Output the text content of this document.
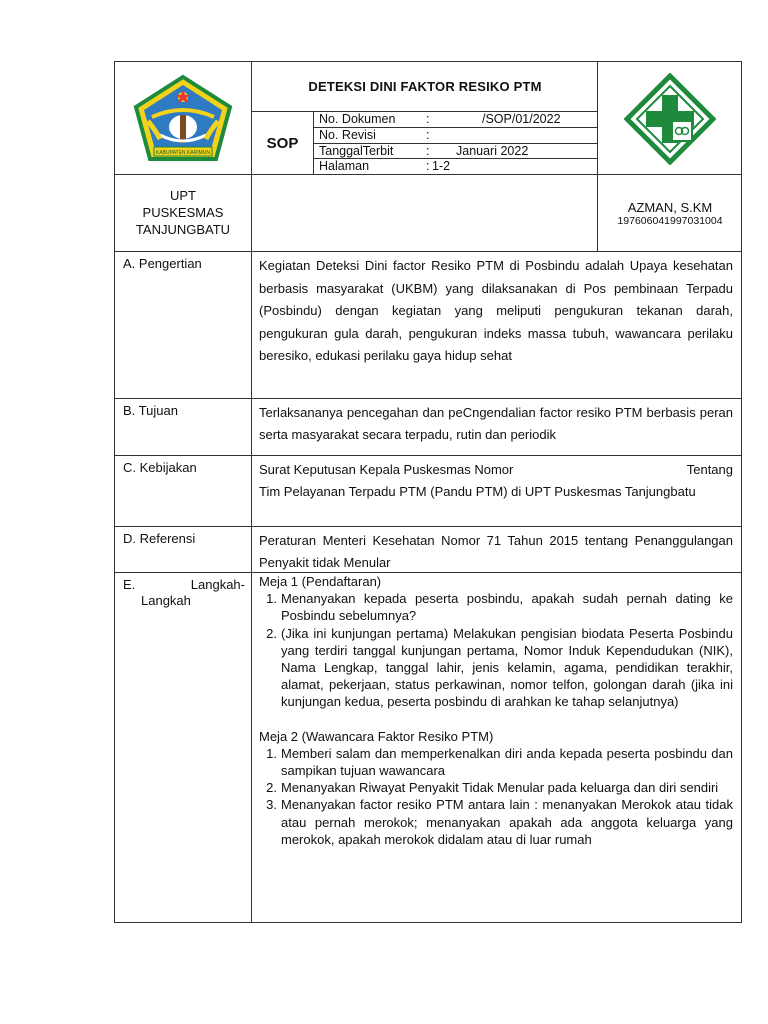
KABUPATEN KARIMUN
DETEKSI DINI FAKTOR RESIKO PTM
SOP
No. Dokumen :	/SOP/01/2022
No. Revisi	:
TanggalTerbit	: Januari 2022
Halaman	: 1-2
UPT
PUSKESMAS
TANJUNGBATU
AZMAN, S.KM
197606041997031004
A. Pengertian	Kegiatan Deteksi Dini factor Resiko PTM di Posbindu adalah Upaya kesehatan berbasis masyarakat (UKBM) yang dilaksanakan di Pos pembinaan Terpadu (Posbindu) dengan kegiatan yang meliputi pengukuran tekanan darah, pengukuran gula darah, pengukuran indeks massa tubuh, wawancara perilaku beresiko, edukasi perilaku gaya hidup sehat

B. Tujuan	Terlaksananya pencegahan dan peCngendalian factor resiko PTM berbasis peran serta masyarakat secara terpadu, rutin dan periodik

C. Kebijakan	Surat Keputusan Kepala Puskesmas Nomor	Tentang

Tim Pelayanan Terpadu PTM (Pandu PTM) di UPT Puskesmas Tanjungbatu

D. Referensi	Peraturan Menteri Kesehatan Nomor 71 Tahun 2015 tentang Penanggulangan Penyakit tidak Menular

E.	Langkah-
Langkah

Meja 1 (Pendaftaran)

1. Menanyakan kepada peserta posbindu, apakah sudah pernah dating ke Posbindu sebelumnya?
2. (Jika ini kunjungan pertama) Melakukan pengisian biodata Peserta Posbindu yang terdiri tanggal kunjungan pertama, Nomor Induk Kependudukan (NIK), Nama Lengkap, tanggal lahir, jenis kelamin, agama, pendidikan terakhir, alamat, pekerjaan, status perkawinan, nomor telfon, golongan darah (jika ini kunjungan kedua, peserta posbindu di arahkan ke tahap selanjutnya)

Meja 2 (Wawancara Faktor Resiko PTM)

1. Memberi salam dan memperkenalkan diri anda kepada peserta posbindu dan sampikan tujuan wawancara
2. Menanyakan Riwayat Penyakit Tidak Menular pada keluarga dan diri sendiri
3. Menanyakan factor resiko PTM antara lain : menanyakan Merokok atau tidak atau pernah merokok; menanyakan apakah ada anggota keluarga yang merokok, apakah merokok didalam atau di luar rumah
